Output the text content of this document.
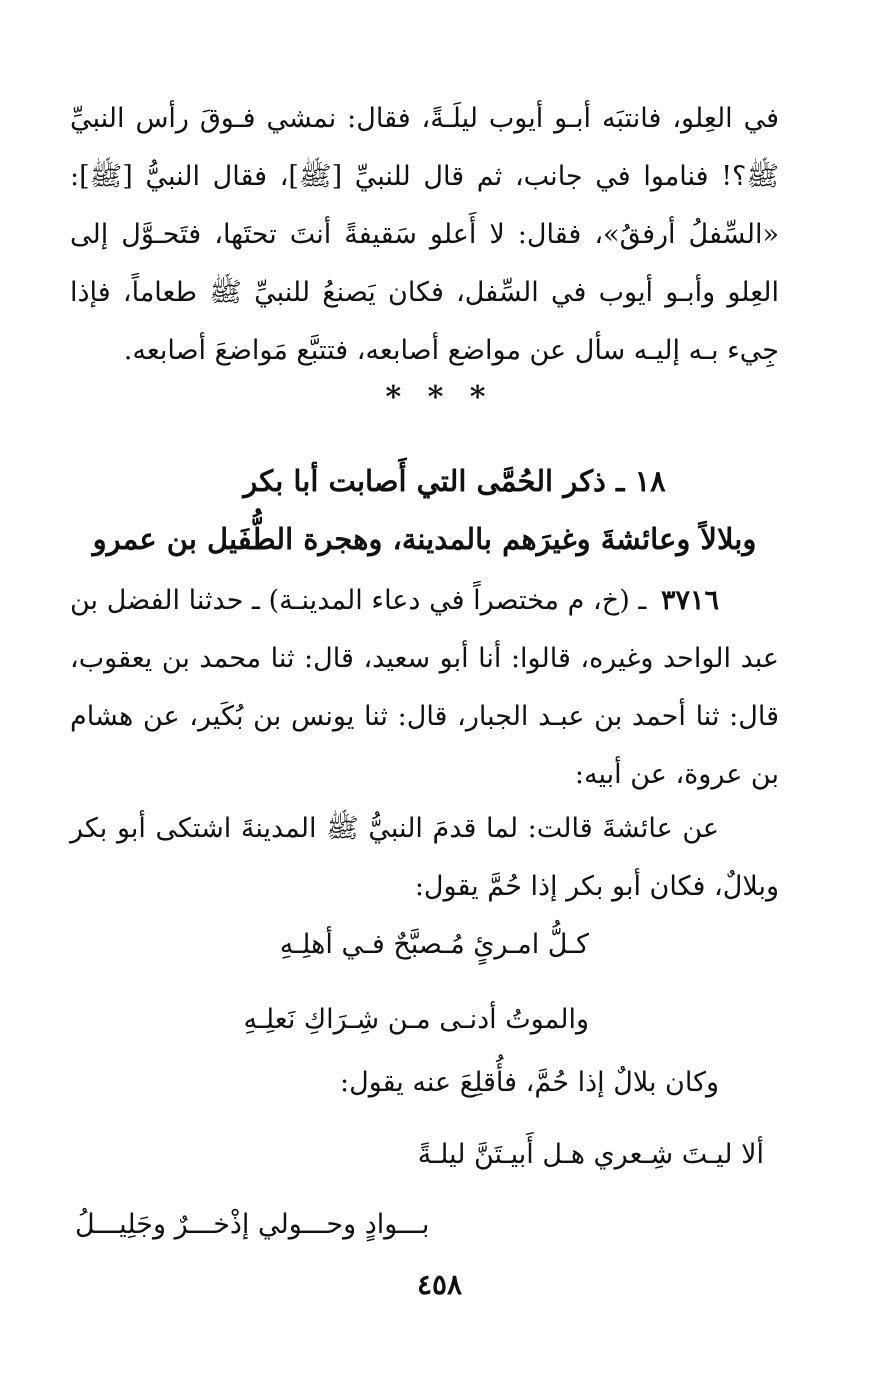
في العِلو، فانتبَه أبـو أيوب ليلَـةً، فقال: نمشي فـوقَ رأس النبيِّ ﷺ؟! فناموا في جانب، ثم قال للنبيِّ [ﷺ]، فقال النبيُّ [ﷺ]: «السِّفلُ أرفقُ»، فقال: لا أَعلو سَقيفةً أنتَ تحتَها، فتَحـوَّل إلى العِلو وأبـو أيوب في السِّفل، فكان يَصنعُ للنبيِّ ﷺ طعاماً، فإذا جِيء بـه إليـه سأل عن مواضع أصابعه، فتتبَّع مَواضعَ أصابعه.
* * *
١٨ ـ ذكر الحُمَّى التي أَصابت أبا بكر
وبلالاً وعائشةَ وغيرَهم بالمدينة، وهجرة الطُّفَيل بن عمرو
٣٧١٦ ـ (خ، م مختصراً في دعاء المدينـة) ـ حدثنا الفضل بن عبد الواحد وغيره، قالوا: أنا أبو سعيد، قال: ثنا محمد بن يعقوب، قال: ثنا أحمد بن عبـد الجبار، قال: ثنا يونس بن بُكَير، عن هشام بن عروة، عن أبيه:
عن عائشةَ قالت: لما قدمَ النبيُّ ﷺ المدينةَ اشتكى أبو بكر وبلالٌ، فكان أبو بكر إذا حُمَّ يقول:
كـلُّ امـرئٍ مُـصبَّحٌ فـي أهلِـهِ
والموتُ أدنـى مـن شِـرَاكِ نَعلِـهِ
وكان بلالٌ إذا حُمَّ، فأُقلِعَ عنه يقول:
ألا ليـتَ شِـعري هـل أَبيـتَنَّ ليلـةً
بـــوادٍ وحـــولي إذْخـــرٌ وجَلِيـــلُ
٤٥٨
